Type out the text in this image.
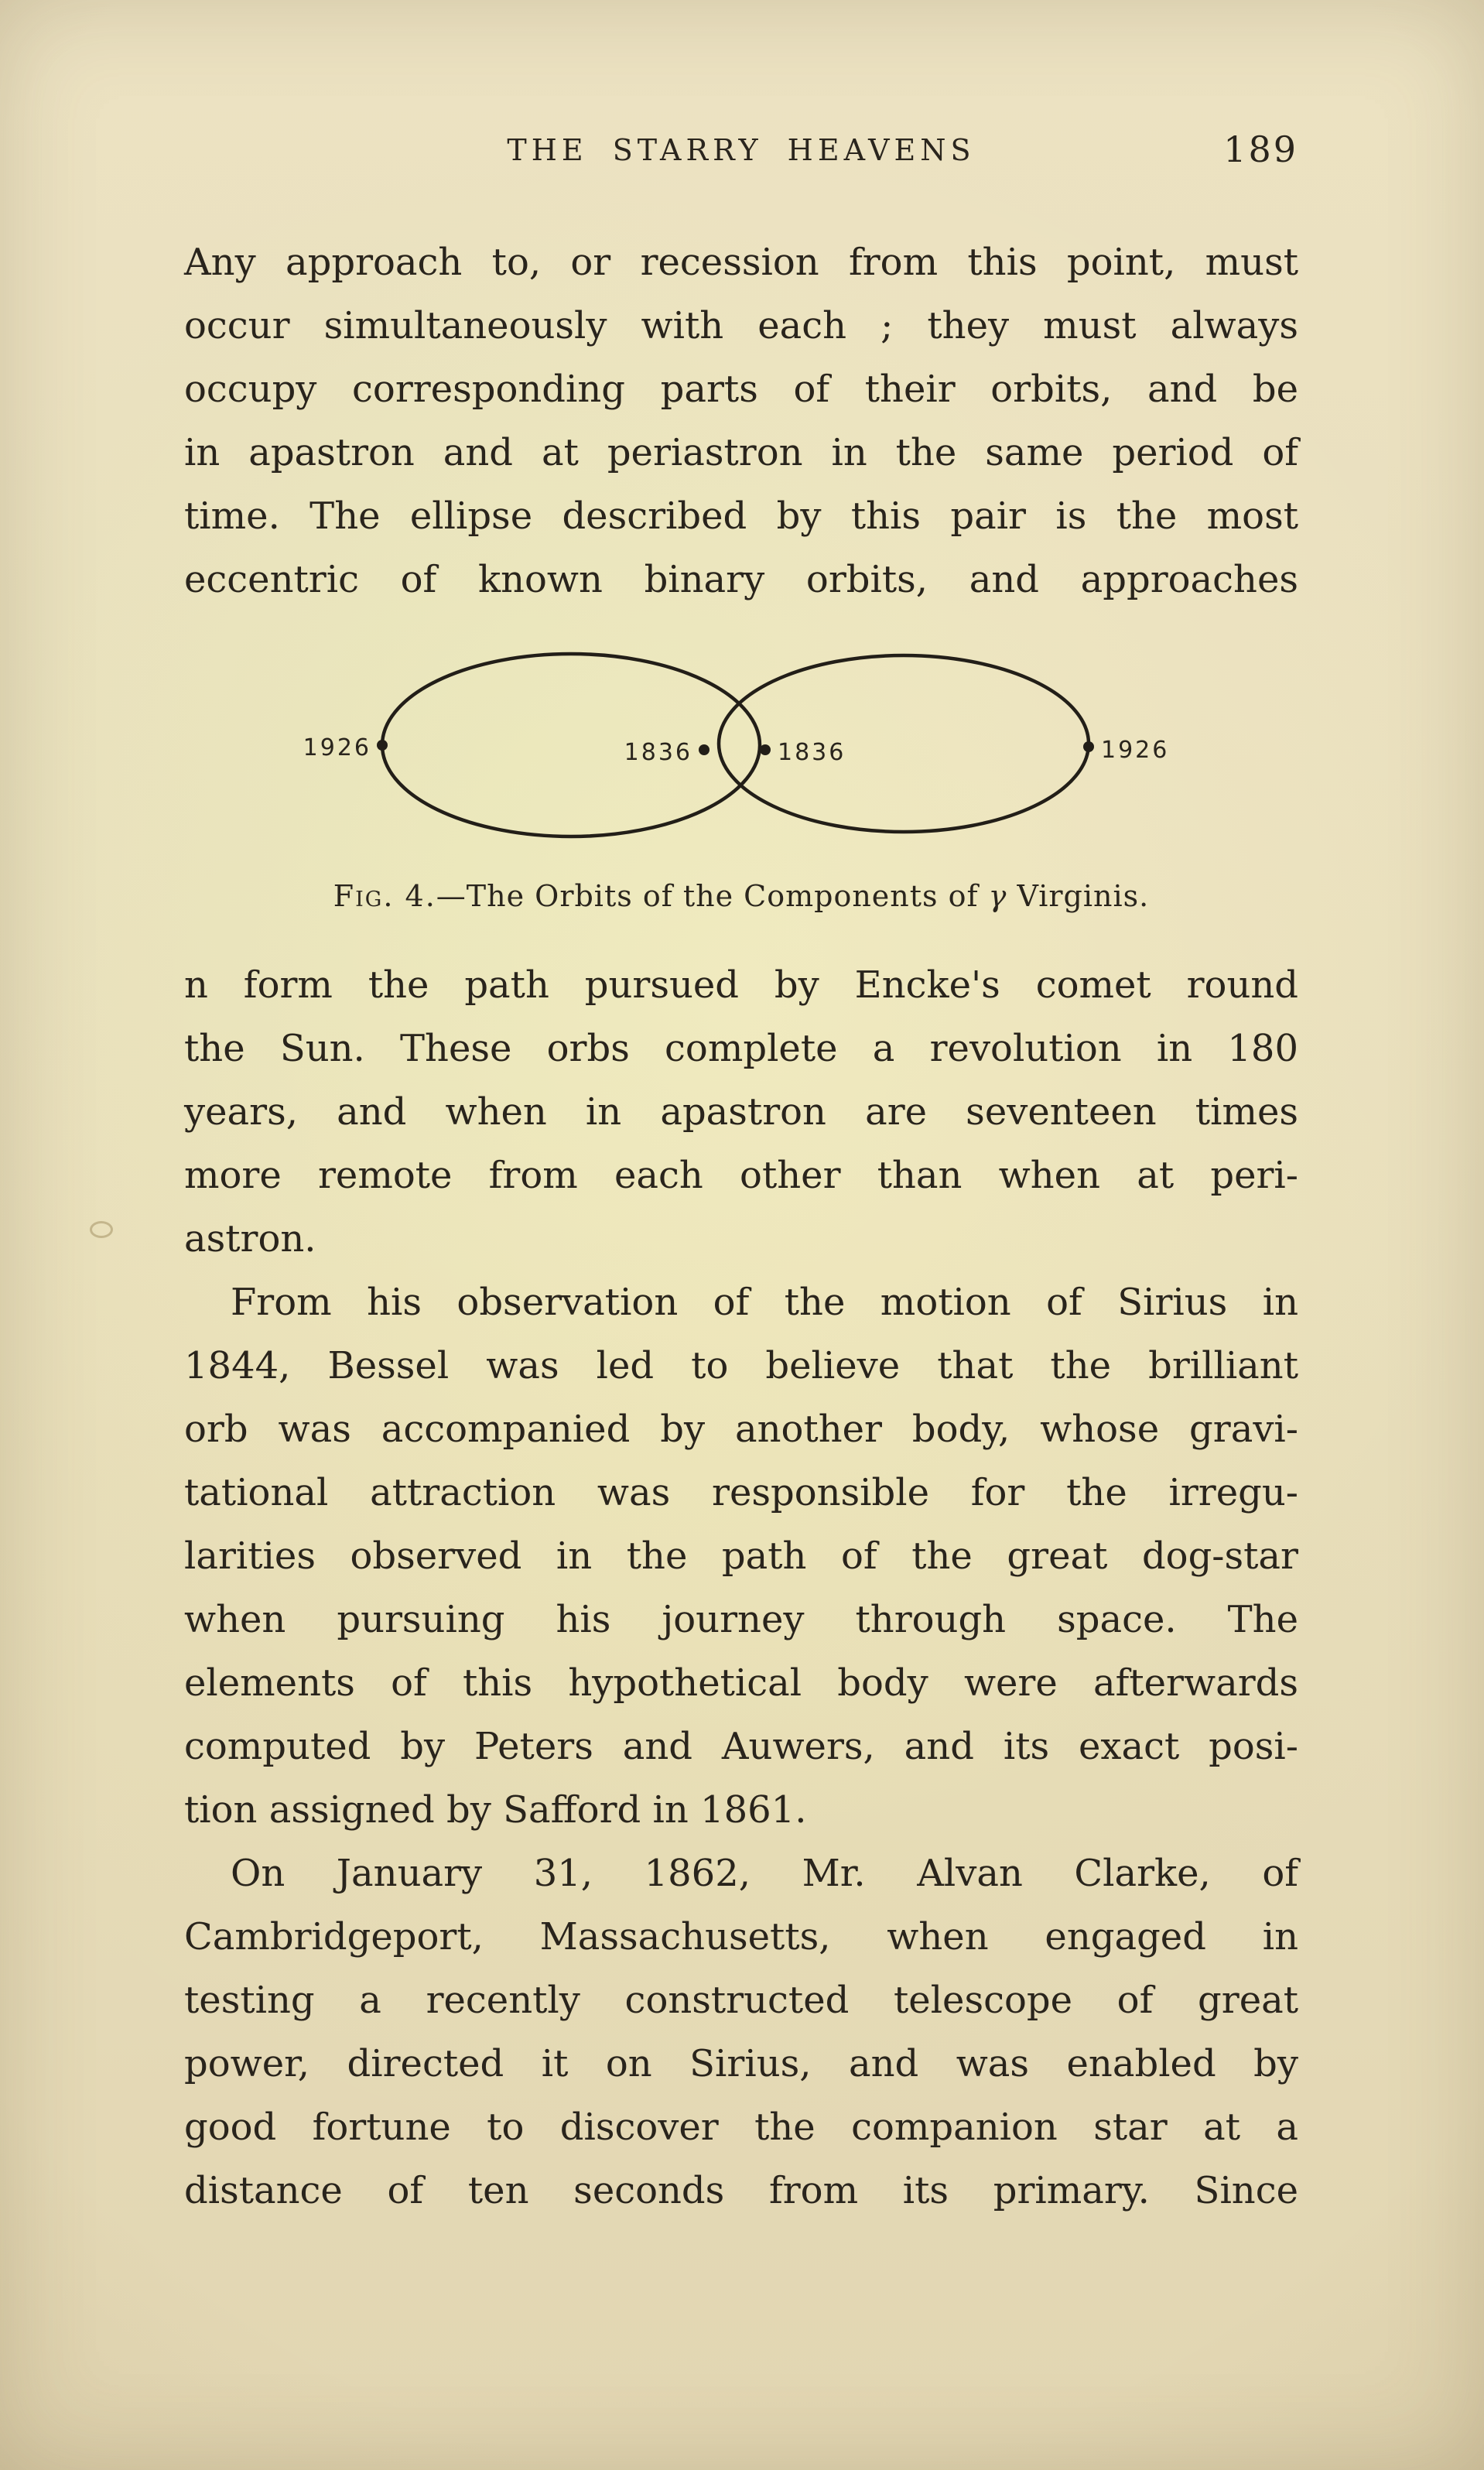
THE STARRY HEAVENS	189
Any approach to, or recession from this point, must
occur simultaneously with each ; they must always
occupy corresponding parts of their orbits, and be
in apastron and at periastron in the same period of
time. The ellipse described by this pair is the most
eccentric of known binary orbits, and approaches
1926	1836	1836	1926
Fig. 4.—The Orbits of the Components of γ Virginis.
n form the path pursued by Encke's comet round
the Sun. These orbs complete a revolution in 180
years, and when in apastron are seventeen times
more remote from each other than when at peri-
astron.
From his observation of the motion of Sirius in
1844, Bessel was led to believe that the brilliant
orb was accompanied by another body, whose gravi-
tational attraction was responsible for the irregu-
larities observed in the path of the great dog-star
when pursuing his journey through space. The
elements of this hypothetical body were afterwards
computed by Peters and Auwers, and its exact posi-
tion assigned by Safford in 1861.
On January 31, 1862, Mr. Alvan Clarke, of
Cambridgeport, Massachusetts, when engaged in
testing a recently constructed telescope of great
power, directed it on Sirius, and was enabled by
good fortune to discover the companion star at a
distance of ten seconds from its primary. Since
